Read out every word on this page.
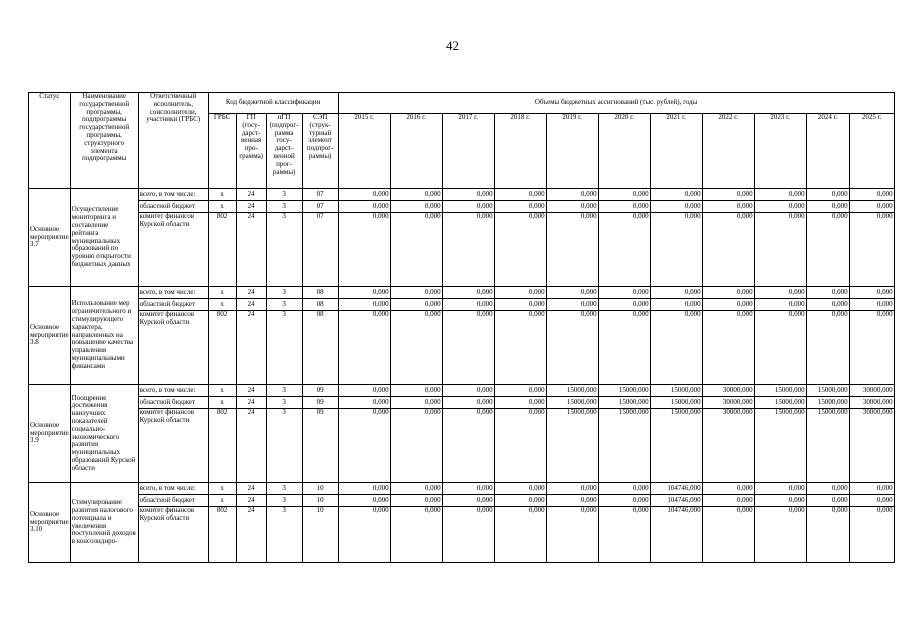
42
Статус	Наименование государственной программы, подпрограммы государственной программы, структурного элемента подпрограммы	Ответственный исполнитель, соисполнители, участники (ГРБС)	Код бюджетной классификации				Объемы бюджетных ассигнований (тыс. рублей), годы										
			ГРБС	ГП (госу- дарст- венная про- грамма)	пГП (подпрог- рамма госу- дарст- венной прог- раммы)	СЭП (струк- турный элемент подпрог- раммы)	2015 г.	2016 г.	2017 г.	2018 г.	2019 г.	2020 г.	2021 г.	2022 г.	2023 г.	2024 г.	2025 г.
Основное мероприятие 3.7	Осуществление мониторинга и составление рейтинга муниципальных образований по уровню открытости бюджетных данных	всего, в том числе:	х	24	3	07	0,000	0,000	0,000	0,000	0,000	0,000	0,000	0,000	0,000	0,000	0,000
		областной бюджет	х	24	3	07	0,000	0,000	0,000	0,000	0,000	0,000	0,000	0,000	0,000	0,000	0,000
		комитет финансов Курской области	802	24	3	07	0,000	0,000	0,000	0,000	0,000	0,000	0,000	0,000	0,000	0,000	0,000
Основное мероприятие 3.8	Использование мер ограничительного и стимулирующего характера, направленных на повышение качества управления муниципальными финансами	всего, в том числе:	х	24	3	08	0,000	0,000	0,000	0,000	0,000	0,000	0,000	0,000	0,000	0,000	0,000
		областной бюджет	х	24	3	08	0,000	0,000	0,000	0,000	0,000	0,000	0,000	0,000	0,000	0,000	0,000
		комитет финансов Курской области	802	24	3	08	0,000	0,000	0,000	0,000	0,000	0,000	0,000	0,000	0,000	0,000	0,000
Основное мероприятие 3.9	Поощрение достижения наилучших показателей социально-экономического развития муниципальных образований Курской области	всего, в том числе:	х	24	3	09	0,000	0,000	0,000	0,000	15000,000	15000,000	15000,000	30000,000	15000,000	15000,000	30000,000
		областной бюджет	х	24	3	09	0,000	0,000	0,000	0,000	15000,000	15000,000	15000,000	30000,000	15000,000	15000,000	30000,000
		комитет финансов Курской области	802	24	3	09	0,000	0,000	0,000	0,000	15000,000	15000,000	15000,000	30000,000	15000,000	15000,000	30000,000
Основное мероприятие 3.10	Стимулирование развития налогового потенциала и увеличения поступлений доходов в консолидиро-	всего, в том числе:	х	24	3	10	0,000	0,000	0,000	0,000	0,000	0,000	104746,000	0,000	0,000	0,000	0,000
		областной бюджет	х	24	3	10	0,000	0,000	0,000	0,000	0,000	0,000	104746,000	0,000	0,000	0,000	0,000
		комитет финансов Курской области	802	24	3	10	0,000	0,000	0,000	0,000	0,000	0,000	104746,000	0,000	0,000	0,000	0,000
